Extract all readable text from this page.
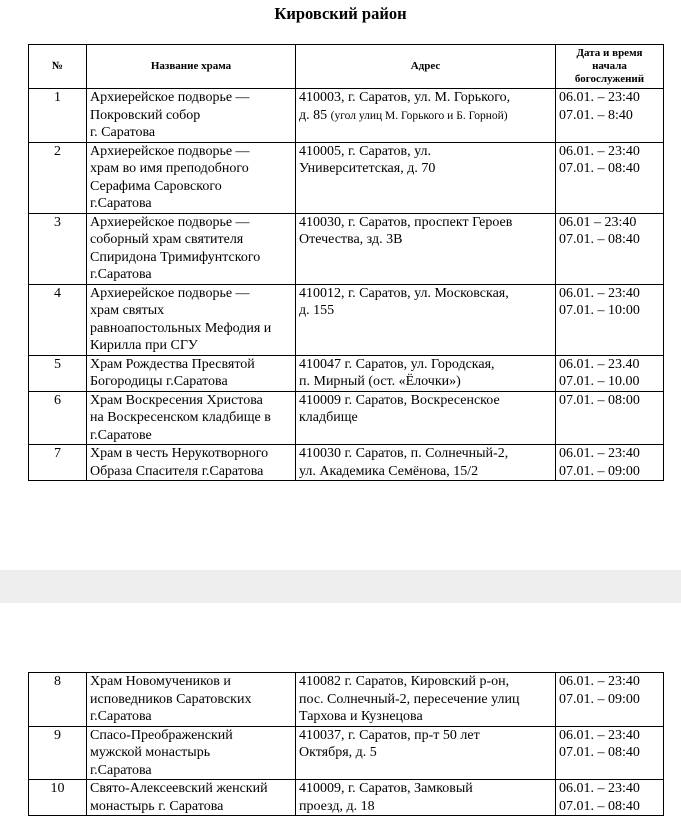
Кировский район
№	Название храма	Адрес	Дата и время
начала
богослужений

1	Архиерейское подворье —
Покровский собор
г. Саратова	410003, г. Саратов, ул. М. Горького,
д. 85 (угол улиц М. Горького и Б. Горной)	06.01. – 23:40
07.01. – 8:40

2	Архиерейское подворье —
храм во имя преподобного
Серафима Саровского
г.Саратова	410005, г. Саратов, ул.
Университетская, д. 70	06.01. – 23:40
07.01. – 08:40

3	Архиерейское подворье —
соборный храм святителя
Спиридона Тримифунтского
г.Саратова	410030, г. Саратов, проспект Героев
Отечества, зд. 3В	06.01 – 23:40
07.01. – 08:40

4	Архиерейское подворье —
храм святых
равноапостольных Мефодия и
Кирилла при СГУ	410012, г. Саратов, ул. Московская,
д. 155	06.01. – 23:40
07.01. – 10:00

5	Храм Рождества Пресвятой
Богородицы г.Саратова	410047 г. Саратов, ул. Городская,
п. Мирный (ост. «Ёлочки»)	06.01. – 23.40
07.01. – 10.00

6	Храм Воскресения Христова
на Воскресенском кладбище в
г.Саратове	410009 г. Саратов, Воскресенское
кладбище	07.01. – 08:00

7	Храм в честь Нерукотворного
Образа Спасителя г.Саратова	410030 г. Саратов, п. Солнечный-2,
ул. Академика Семёнова, 15/2	06.01. – 23:40
07.01. – 09:00
8	Храм Новомучеников и
исповедников Саратовских
г.Саратова	410082 г. Саратов, Кировский р-он,
пос. Солнечный-2, пересечение улиц
Тархова и Кузнецова	06.01. – 23:40
07.01. – 09:00

9	Спасо-Преображенский
мужской монастырь
г.Саратова	410037, г. Саратов, пр-т 50 лет
Октября, д. 5	06.01. – 23:40
07.01. – 08:40

10	Свято-Алексеевский женский
монастырь г. Саратова	410009, г. Саратов, Замковый
проезд, д. 18	06.01. – 23:40
07.01. – 08:40
